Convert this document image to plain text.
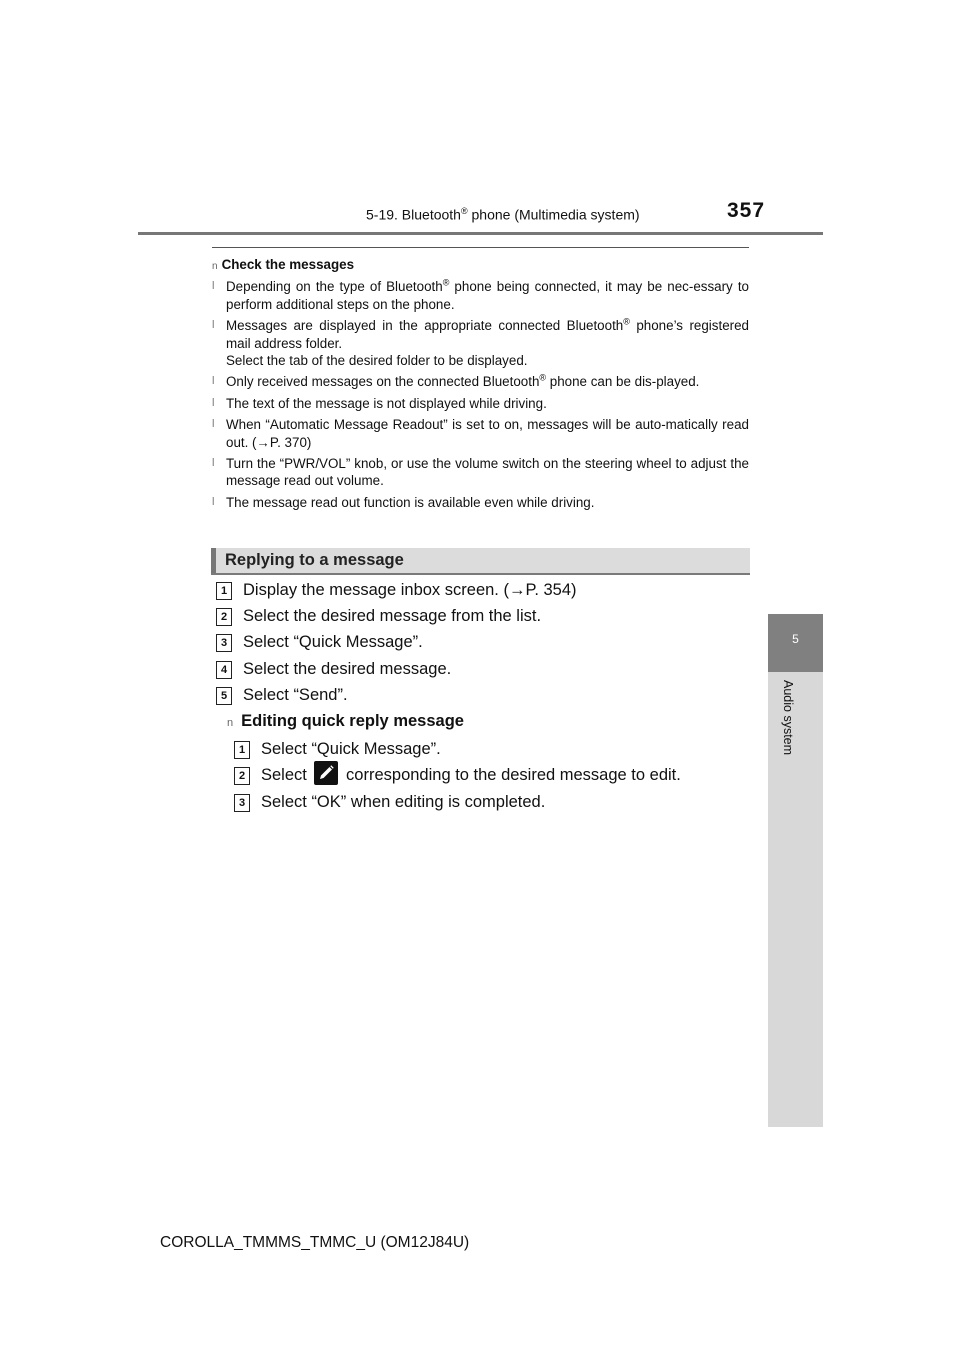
5-19. Bluetooth® phone (Multimedia system)	357
5
Audio system
n Check the messages
l Depending on the type of Bluetooth® phone being connected, it may be nec-essary to perform additional steps on the phone.
l Messages are displayed in the appropriate connected Bluetooth® phone’s registered mail address folder.
Select the tab of the desired folder to be displayed.
l Only received messages on the connected Bluetooth® phone can be dis-played.
l The text of the message is not displayed while driving.
l When “Automatic Message Readout” is set to on, messages will be auto-matically read out. (→P. 370)
l Turn the “PWR/VOL” knob, or use the volume switch on the steering wheel to adjust the message read out volume.
l The message read out function is available even while driving.
Replying to a message
1 Display the message inbox screen. (→P. 354)
2 Select the desired message from the list.
3 Select “Quick Message”.
4 Select the desired message.
5 Select “Send”.
n Editing quick reply message
1 Select “Quick Message”.
2 Select corresponding to the desired message to edit.
3 Select “OK” when editing is completed.
COROLLA_TMMMS_TMMC_U (OM12J84U)
